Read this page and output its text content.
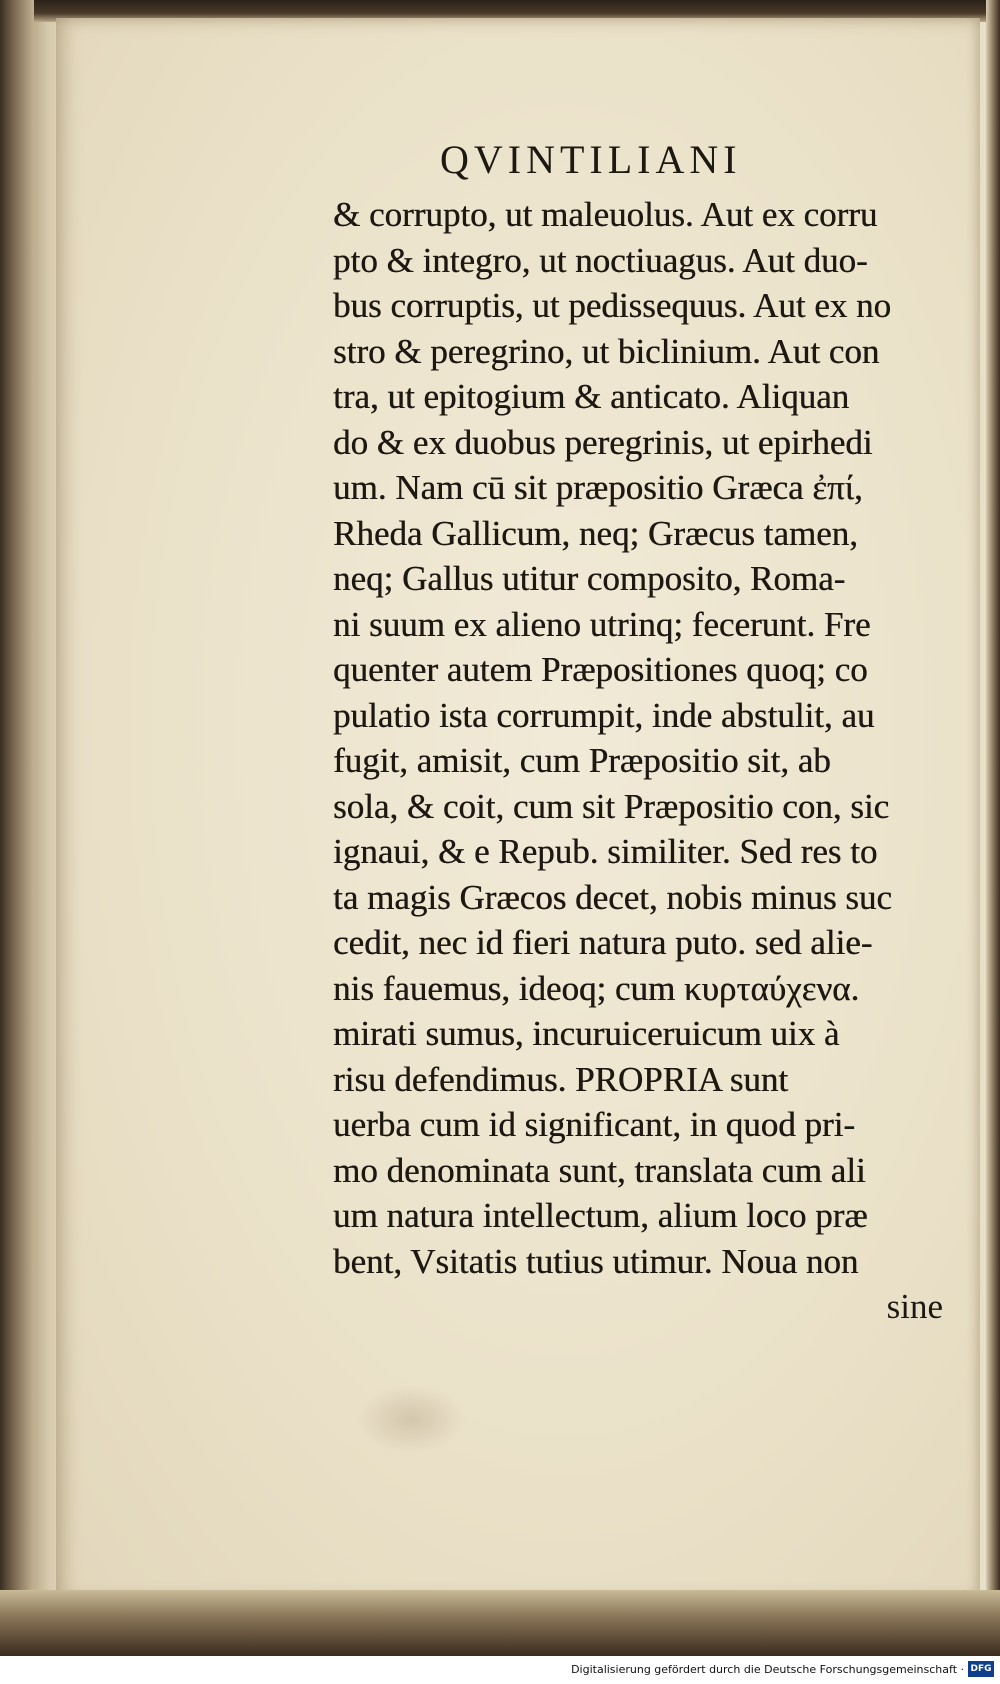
QVINTILIANI
& corrupto, ut maleuolus. Aut ex corru
pto & integro, ut noctiuagus. Aut duo-
bus corruptis, ut pedissequus. Aut ex no
stro & peregrino, ut biclinium. Aut con
tra, ut epitogium & anticato. Aliquan
do & ex duobus peregrinis, ut epirhedi
um. Nam cū sit præpositio Græca ἐπί,
Rheda Gallicum, neq; Græcus tamen,
neq; Gallus utitur composito, Roma-
ni suum ex alieno utrinq; fecerunt. Fre
quenter autem Præpositiones quoq; co
pulatio ista corrumpit, inde abstulit, au
fugit, amisit, cum Præpositio sit, ab
sola, & coit, cum sit Præpositio con, sic
ignaui, & e Repub. similiter. Sed res to
ta magis Græcos decet, nobis minus suc
cedit, nec id fieri natura puto. sed alie-
nis fauemus, ideoq; cum κυρταύχενα.
mirati sumus, incuruiceruicum uix à
risu defendimus. PROPRIA sunt
uerba cum id significant, in quod pri-
mo denominata sunt, translata cum ali
um natura intellectum, alium loco præ
bent, Vsitatis tutius utimur. Noua non
sine
Digitalisierung gefördert durch die Deutsche Forschungsgemeinschaft · DFG
